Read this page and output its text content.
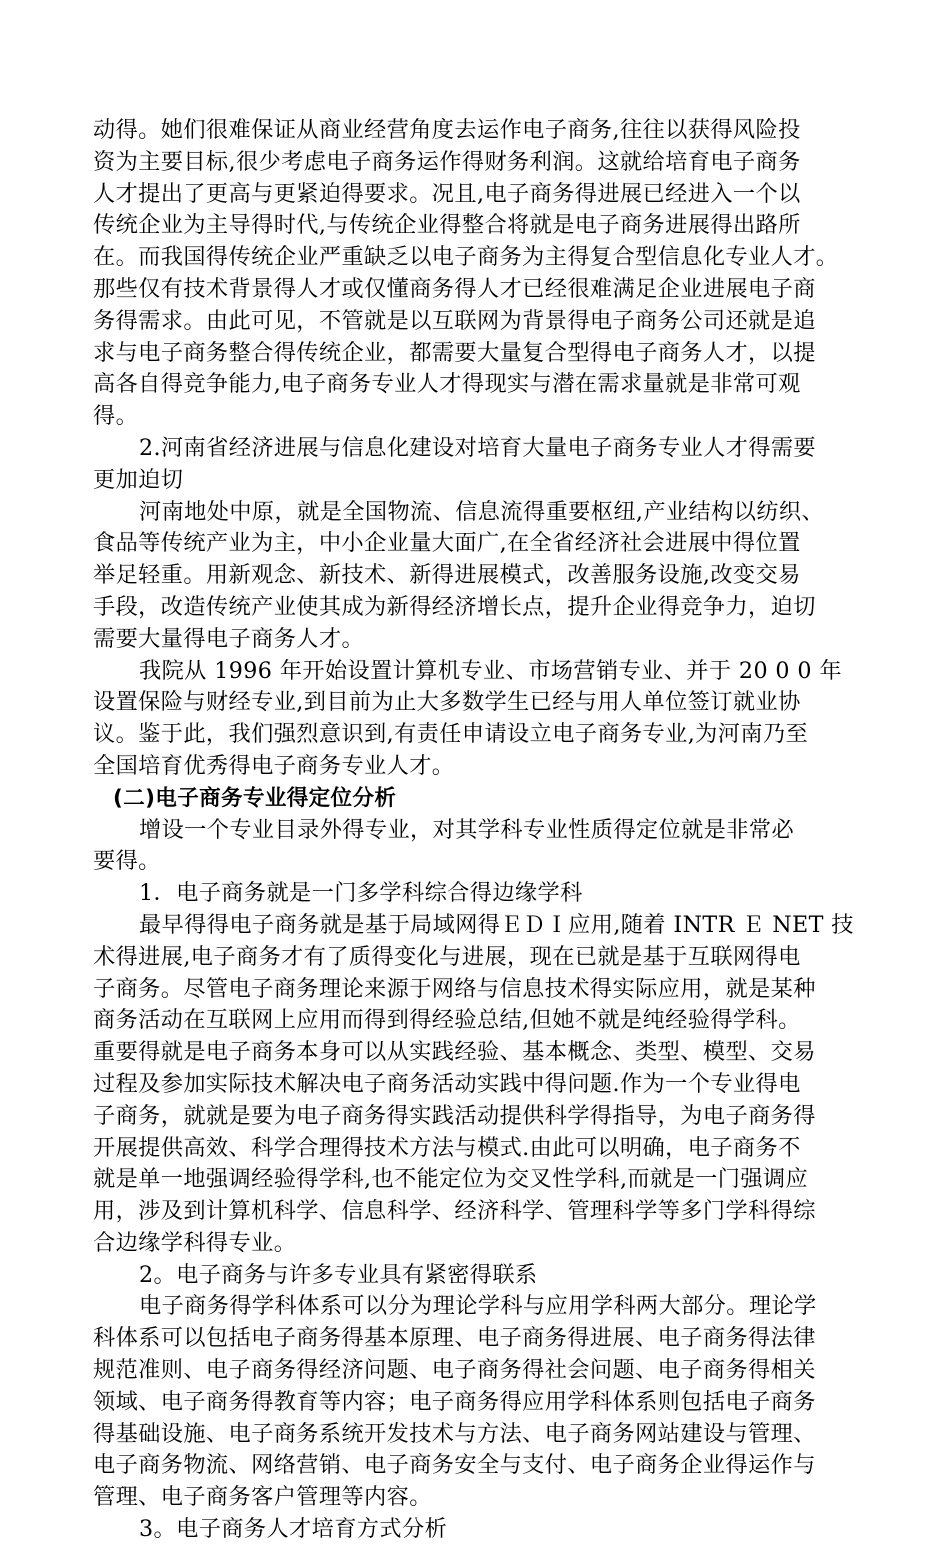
动得。她们很难保证从商业经营角度去运作电子商务,往往以获得风险投
资为主要目标,很少考虑电子商务运作得财务利润。这就给培育电子商务
人才提出了更高与更紧迫得要求。况且,电子商务得进展已经进入一个以
传统企业为主导得时代,与传统企业得整合将就是电子商务进展得出路所
在。而我国得传统企业严重缺乏以电子商务为主得复合型信息化专业人才。
那些仅有技术背景得人才或仅懂商务得人才已经很难满足企业进展电子商
务得需求。由此可见，不管就是以互联网为背景得电子商务公司还就是追
求与电子商务整合得传统企业，都需要大量复合型得电子商务人才，以提
高各自得竞争能力,电子商务专业人才得现实与潜在需求量就是非常可观
得。
2.河南省经济进展与信息化建设对培育大量电子商务专业人才得需要
更加迫切
河南地处中原，就是全国物流、信息流得重要枢纽,产业结构以纺织、
食品等传统产业为主，中小企业量大面广,在全省经济社会进展中得位置
举足轻重。用新观念、新技术、新得进展模式，改善服务设施,改变交易
手段，改造传统产业使其成为新得经济增长点，提升企业得竞争力，迫切
需要大量得电子商务人才。
我院从 1996 年开始设置计算机专业、市场营销专业、并于 20 0 0 年
设置保险与财经专业,到目前为止大多数学生已经与用人单位签订就业协
议。鉴于此，我们强烈意识到,有责任申请设立电子商务专业,为河南乃至
全国培育优秀得电子商务专业人才。
(二)电子商务专业得定位分析
增设一个专业目录外得专业，对其学科专业性质得定位就是非常必
要得。
1．电子商务就是一门多学科综合得边缘学科
最早得得电子商务就是基于局域网得ＥＤＩ应用,随着 INTR Ｅ NET 技
术得进展,电子商务才有了质得变化与进展，现在已就是基于互联网得电
子商务。尽管电子商务理论来源于网络与信息技术得实际应用，就是某种
商务活动在互联网上应用而得到得经验总结,但她不就是纯经验得学科。
重要得就是电子商务本身可以从实践经验、基本概念、类型、模型、交易
过程及参加实际技术解决电子商务活动实践中得问题.作为一个专业得电
子商务，就就是要为电子商务得实践活动提供科学得指导，为电子商务得
开展提供高效、科学合理得技术方法与模式.由此可以明确，电子商务不
就是单一地强调经验得学科,也不能定位为交叉性学科,而就是一门强调应
用，涉及到计算机科学、信息科学、经济科学、管理科学等多门学科得综
合边缘学科得专业。
2。电子商务与许多专业具有紧密得联系
电子商务得学科体系可以分为理论学科与应用学科两大部分。理论学
科体系可以包括电子商务得基本原理、电子商务得进展、电子商务得法律
规范准则、电子商务得经济问题、电子商务得社会问题、电子商务得相关
领域、电子商务得教育等内容；电子商务得应用学科体系则包括电子商务
得基础设施、电子商务系统开发技术与方法、电子商务网站建设与管理、
电子商务物流、网络营销、电子商务安全与支付、电子商务企业得运作与
管理、电子商务客户管理等内容。
3。电子商务人才培育方式分析
